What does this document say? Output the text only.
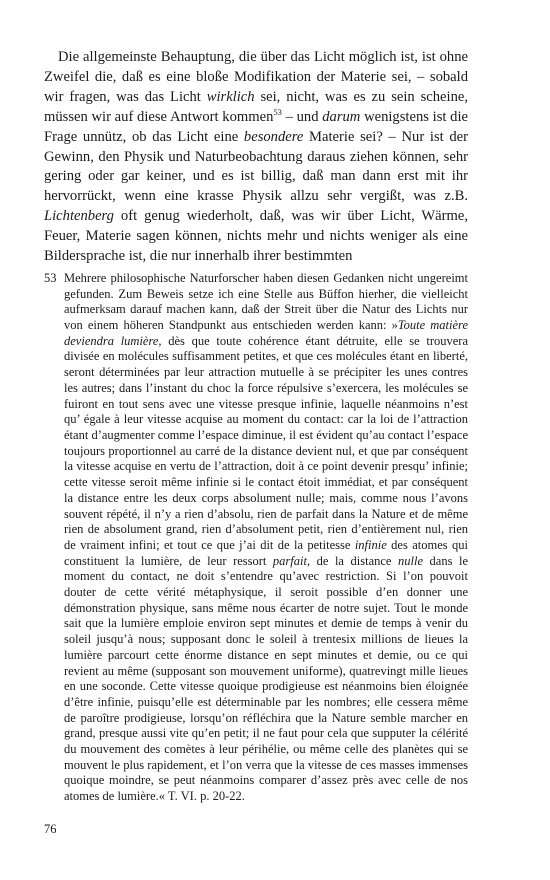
Die allgemeinste Behauptung, die über das Licht möglich ist, ist ohne Zweifel die, daß es eine bloße Modifikation der Materie sei, – sobald wir fragen, was das Licht wirklich sei, nicht, was es zu sein scheine, müssen wir auf diese Antwort kommen$^{53}$ – und darum wenigstens ist die Frage unnütz, ob das Licht eine besondere Materie sei? – Nur ist der Gewinn, den Physik und Naturbeobachtung daraus ziehen können, sehr gering oder gar keiner, und es ist billig, daß man dann erst mit ihr hervorrückt, wenn eine krasse Physik allzu sehr vergißt, was z.B. Lichtenberg oft genug wiederholt, daß, was wir über Licht, Wärme, Feuer, Materie sagen können, nichts mehr und nichts weniger als eine Bildersprache ist, die nur innerhalb ihrer bestimmten

53 Mehrere philosophische Naturforscher haben diesen Gedanken nicht ungereimt gefunden. Zum Beweis setze ich eine Stelle aus Büffon hierher, die vielleicht aufmerksam darauf machen kann, daß der Streit über die Natur des Lichts nur von einem höheren Standpunkt aus entschieden werden kann: »Toute matière deviendra lumière, dès que toute cohérence étant détruite, elle se trouvera divisée en molécules suffisamment petites, et que ces molécules étant en liberté, seront déterminées par leur attraction mutuelle à se précipiter les unes contres les autres; dans l’instant du choc la force répulsive s’exercera, les molécules se fuiront en tout sens avec une vitesse presque infinie, laquelle néanmoins n’est qu’ égale à leur vitesse acquise au moment du contact: car la loi de l’attraction étant d’augmenter comme l’espace diminue, il est évident qu’au contact l’espace toujours proportionnel au carré de la distance devient nul, et que par conséquent la vitesse acquise en vertu de l’attraction, doit à ce point devenir presqu’ infinie; cette vitesse seroit même infinie si le contact étoit immédiat, et par conséquent la distance entre les deux corps absolument nulle; mais, comme nous l’avons souvent répété, il n’y a rien d’absolu, rien de parfait dans la Nature et de même rien de absolument grand, rien d’absolument petit, rien d’entièrement nul, rien de vraiment infini; et tout ce que j’ai dit de la petitesse infinie des atomes qui constituent la lumière, de leur ressort parfait, de la distance nulle dans le moment du contact, ne doit s’entendre qu’avec restriction. Si l’on pouvoit douter de cette vérité métaphysique, il seroit possible d’en donner une démonstration physique, sans même nous écarter de notre sujet. Tout le monde sait que la lumière emploie environ sept minutes et demie de temps à venir du soleil jusqu’à nous; supposant donc le soleil à trentesix millions de lieues la lumière parcourt cette énorme distance en sept minutes et demie, ou ce qui revient au même (supposant son mouvement uniforme), quatrevingt mille lieues en une soconde. Cette vitesse quoique prodigieuse est néanmoins bien éloignée d’être infinie, puisqu’elle est déterminable par les nombres; elle cessera même de paroître prodigieuse, lorsqu’on réfléchira que la Nature semble marcher en grand, presque aussi vite qu’en petit; il ne faut pour cela que supputer la célérité du mouvement des comètes à leur périhélie, ou même celle des planètes qui se mouvent le plus rapidement, et l’on verra que la vitesse de ces masses immenses quoique moindre, se peut néanmoins comparer d’assez près avec celle de nos atomes de lumière.« T. VI. p. 20-22.

76
